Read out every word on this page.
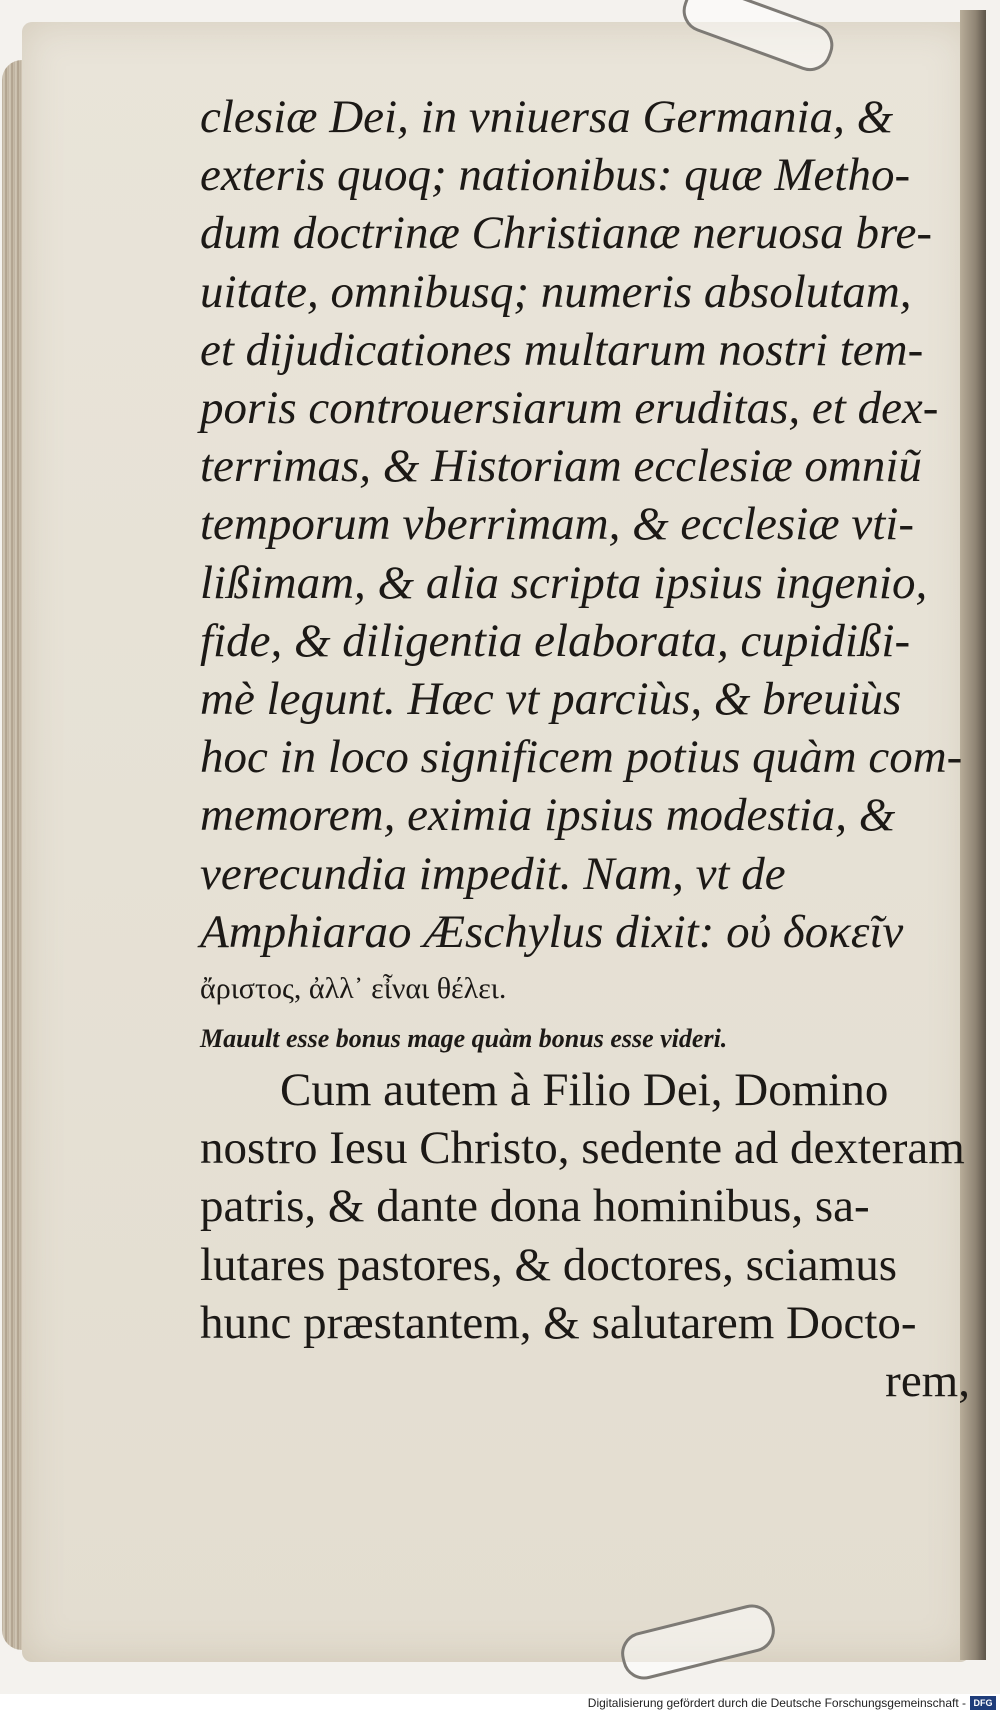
clesiæ Dei, in vniuersa Germania, &
exteris quoq; nationibus: quæ Metho-
dum doctrinæ Christianæ neruosa bre-
uitate, omnibusq; numeris absolutam,
et dijudicationes multarum nostri tem-
poris controuersiarum eruditas, et dex-
terrimas, & Historiam ecclesiæ omniũ
temporum vberrimam, & ecclesiæ vti-
lißimam, & alia scripta ipsius ingenio,
fide, & diligentia elaborata, cupidißi-
mè legunt. Hæc vt parciùs, & breuiùs
hoc in loco significem potius quàm com-
memorem, eximia ipsius modestia, &
verecundia impedit. Nam, vt de
Amphiarao Æschylus dixit: οὐ δοκεῖν
ἄριστος, ἀλλ᾽ εἶναι θέλει.
Mauult esse bonus mage quàm bonus esse videri.
Cum autem à Filio Dei, Domino
nostro Iesu Christo, sedente ad dexteram
patris, & dante dona hominibus, sa-
lutares pastores, & doctores, sciamus
hunc præstantem, & salutarem Docto-
rem,
Digitalisierung gefördert durch die Deutsche Forschungsgemeinschaft - DFG
